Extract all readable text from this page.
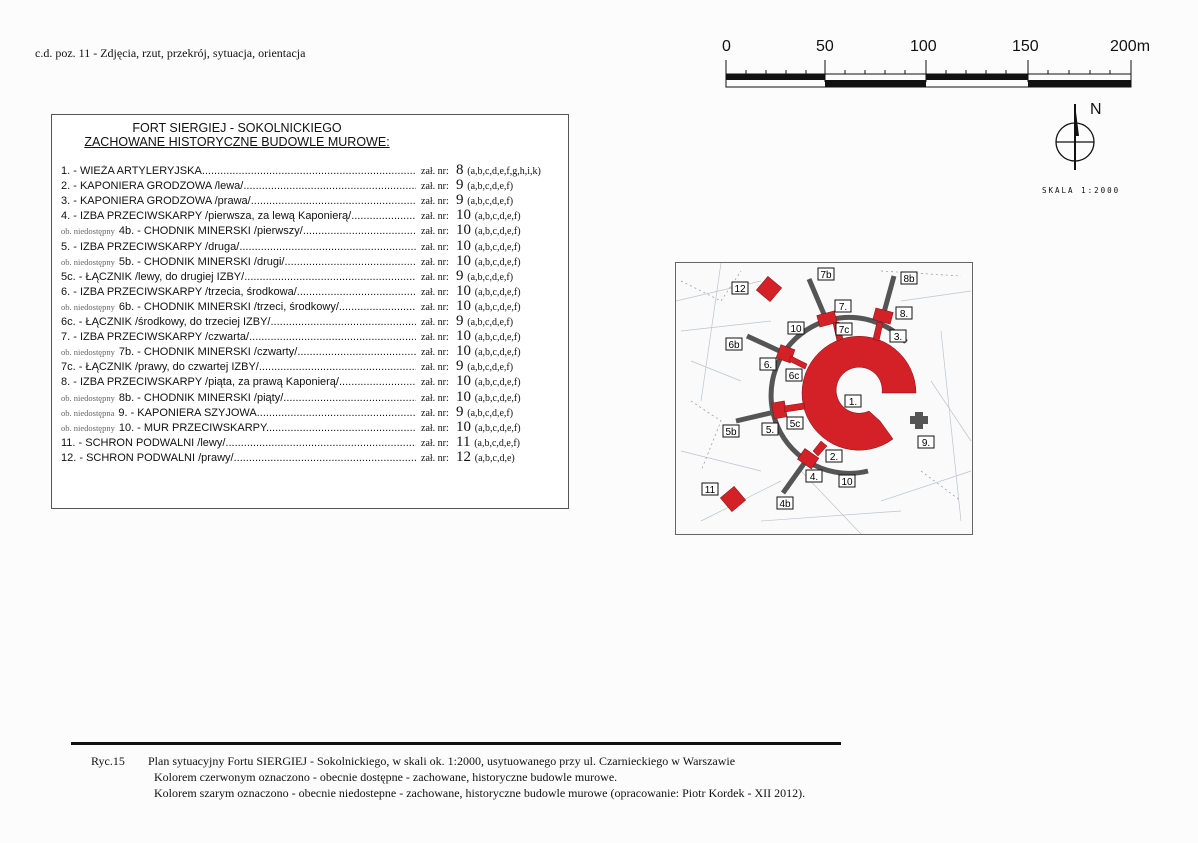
c.d. poz. 11 - Zdjęcia, rzut, przekrój, sytuacja, orientacja	0	50	100	150	200m
N
SKALA 1:2000
FORT SIERGIEJ - SOKOLNICKIEGO
ZACHOWANE HISTORYCZNE BUDOWLE MUROWE:
1. - WIEŻA ARTYLERYJSKA .....	zał. nr: 8 (a,b,c,d,e,f,g,h,i,k)
2. - KAPONIERA GRODZOWA /lewa/ .....	zał. nr: 9 (a,b,c,d,e,f)
3. - KAPONIERA GRODZOWA /prawa/ .....	zał. nr: 9 (a,b,c,d,e,f)
4. - IZBA PRZECIWSKARPY /pierwsza, za lewą Kaponierą/ .....	zał. nr: 10 (a,b,c,d,e,f)
ob. niedostępny 4b. - CHODNIK MINERSKI /pierwszy/ .....	zał. nr: 10 (a,b,c,d,e,f)
5. - IZBA PRZECIWSKARPY /druga/ .....	zał. nr: 10 (a,b,c,d,e,f)
ob. niedostępny 5b. - CHODNIK MINERSKI /drugi/ .....	zał. nr: 10 (a,b,c,d,e,f)
5c. - ŁĄCZNIK /lewy, do drugiej IZBY/ .....	zał. nr: 9 (a,b,c,d,e,f)
6. - IZBA PRZECIWSKARPY /trzecia, środkowa/ .....	zał. nr: 10 (a,b,c,d,e,f)
ob. niedostępny 6b. - CHODNIK MINERSKI /trzeci, środkowy/ .....	zał. nr: 10 (a,b,c,d,e,f)
6c. - ŁĄCZNIK /środkowy, do trzeciej IZBY/ .....	zał. nr: 9 (a,b,c,d,e,f)
7. - IZBA PRZECIWSKARPY /czwarta/ .....	zał. nr: 10 (a,b,c,d,e,f)
ob. niedostępny 7b. - CHODNIK MINERSKI /czwarty/ .....	zał. nr: 10 (a,b,c,d,e,f)
7c. - ŁĄCZNIK /prawy, do czwartej IZBY/ .....	zał. nr: 9 (a,b,c,d,e,f)
8. - IZBA PRZECIWSKARPY /piąta, za prawą Kaponierą/ .....	zał. nr: 10 (a,b,c,d,e,f)
ob. niedostępny 8b. - CHODNIK MINERSKI /piąty/ .....	zał. nr: 10 (a,b,c,d,e,f)
ob. niedostępna 9. - KAPONIERA SZYJOWA .....	zał. nr: 9 (a,b,c,d,e,f)
ob. niedostępny 10. - MUR PRZECIWSKARPY .....	zał. nr: 10 (a,b,c,d,e,f)
11. - SCHRON PODWALNI /lewy/ .....	zał. nr: 11 (a,b,c,d,e,f)
12. - SCHRON PODWALNI /prawy/ .....	zał. nr: 12 (a,b,c,d,e)
7b
12
8b
7.
8.
10	7c
3.
6b
6.
6c
1.
5b	5.
5c
9.
2.
4. 10
11
4b
Ryc.15 Plan sytuacyjny Fortu SIERGIEJ - Sokolnickiego, w skali ok. 1:2000, usytuowanego przy ul. Czarnieckiego w Warszawie
Kolorem czerwonym oznaczono - obecnie dostępne - zachowane, historyczne budowle murowe.
Kolorem szarym oznaczono - obecnie niedostepne - zachowane, historyczne budowle murowe (opracowanie: Piotr Kordek - XII 2012).
